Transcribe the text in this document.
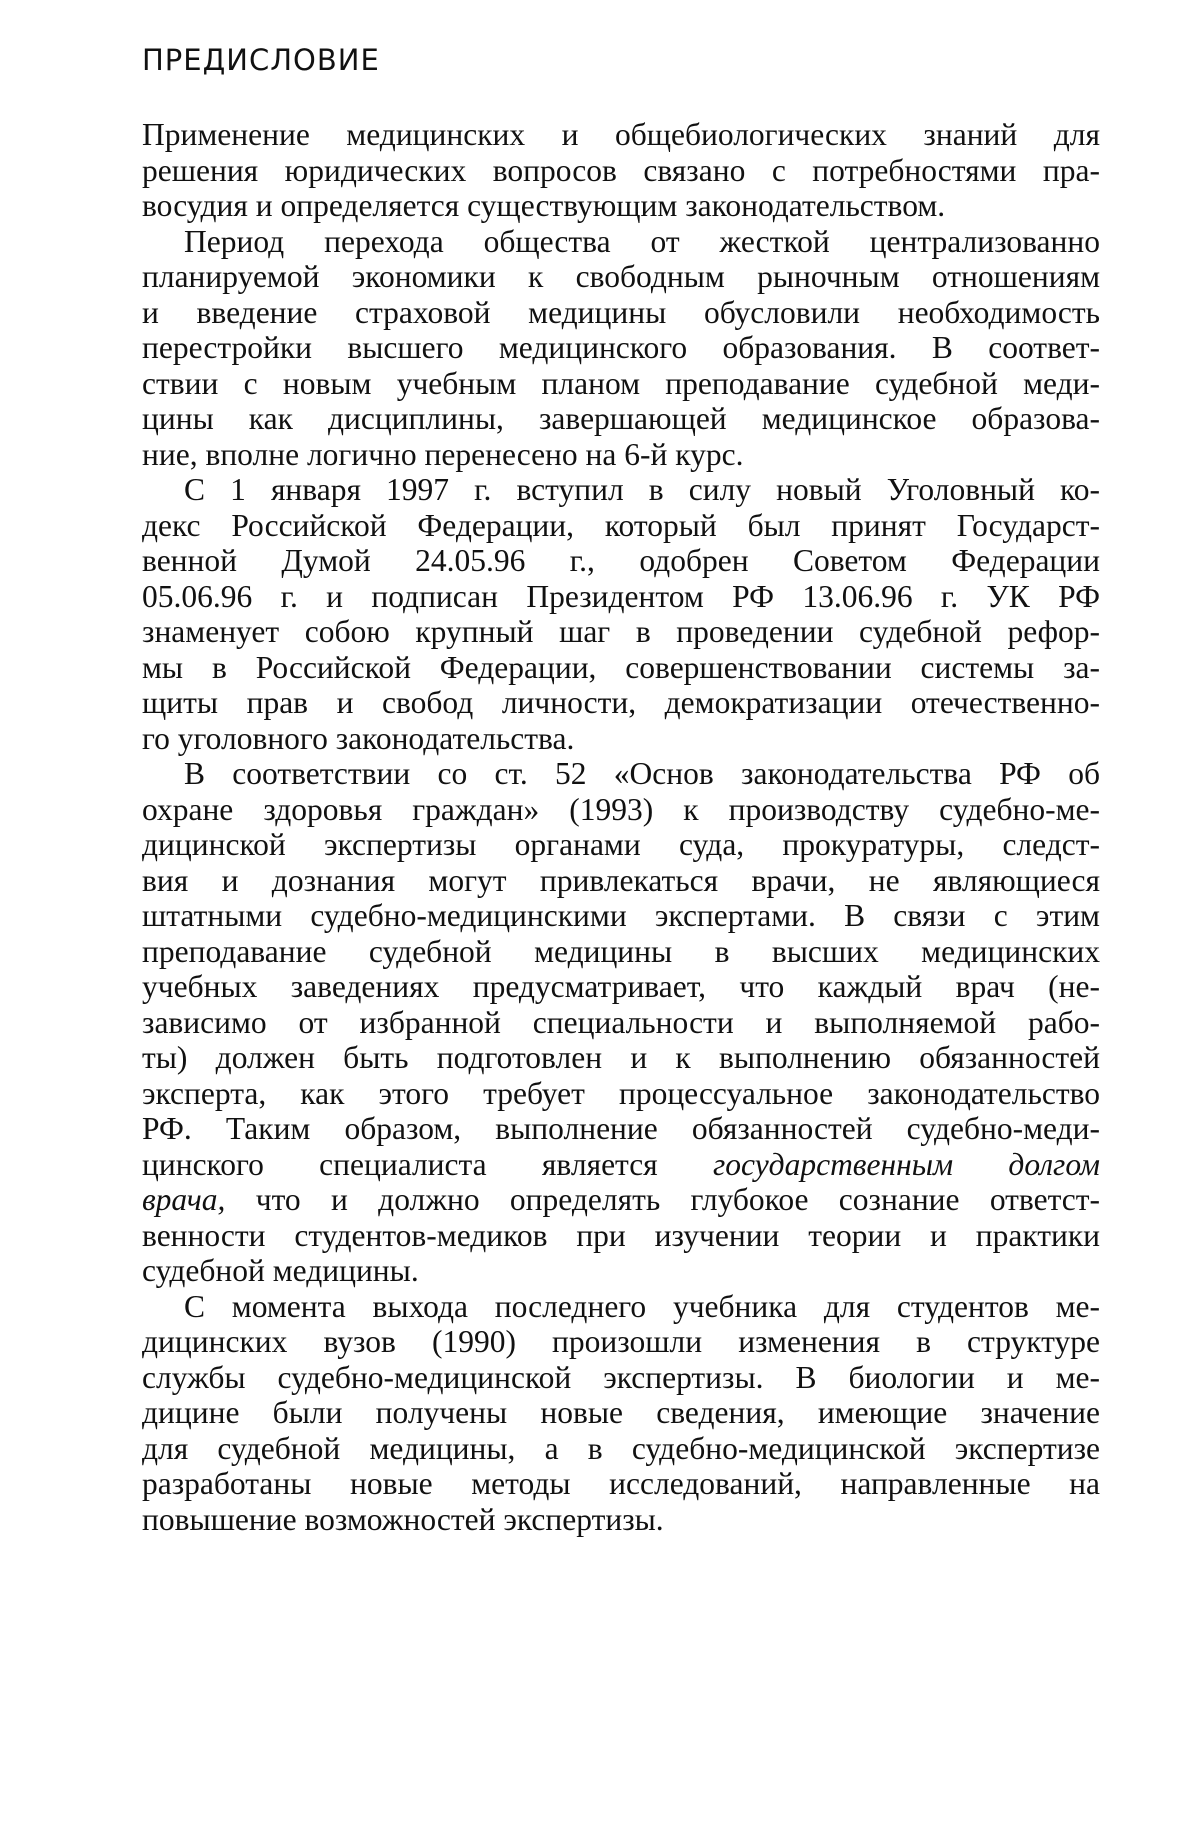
ПРЕДИСЛОВИЕ

Применение медицинских и общебиологических знаний для
решения юридических вопросов связано с потребностями пра-
восудия и определяется существующим законодательством.

Период перехода общества от жесткой централизованно
планируемой экономики к свободным рыночным отношениям
и введение страховой медицины обусловили необходимость
перестройки высшего медицинского образования. В соответ-
ствии с новым учебным планом преподавание судебной меди-
цины как дисциплины, завершающей медицинское образова-
ние, вполне логично перенесено на 6-й курс.

С 1 января 1997 г. вступил в силу новый Уголовный ко-
декс Российской Федерации, который был принят Государст-
венной Думой 24.05.96 г., одобрен Советом Федерации
05.06.96 г. и подписан Президентом РФ 13.06.96 г. УК РФ
знаменует собою крупный шаг в проведении судебной рефор-
мы в Российской Федерации, совершенствовании системы за-
щиты прав и свобод личности, демократизации отечественно-
го уголовного законодательства.

В соответствии со ст. 52 «Основ законодательства РФ об
охране здоровья граждан» (1993) к производству судебно-ме-
дицинской экспертизы органами суда, прокуратуры, следст-
вия и дознания могут привлекаться врачи, не являющиеся
штатными судебно-медицинскими экспертами. В связи с этим
преподавание судебной медицины в высших медицинских
учебных заведениях предусматривает, что каждый врач (не-
зависимо от избранной специальности и выполняемой рабо-
ты) должен быть подготовлен и к выполнению обязанностей
эксперта, как этого требует процессуальное законодательство
РФ. Таким образом, выполнение обязанностей судебно-меди-
цинского специалиста является государственным долгом
врача, что и должно определять глубокое сознание ответст-
венности студентов-медиков при изучении теории и практики
судебной медицины.

С момента выхода последнего учебника для студентов ме-
дицинских вузов (1990) произошли изменения в структуре
службы судебно-медицинской экспертизы. В биологии и ме-
дицине были получены новые сведения, имеющие значение
для судебной медицины, а в судебно-медицинской экспертизе
разработаны новые методы исследований, направленные на
повышение возможностей экспертизы.
